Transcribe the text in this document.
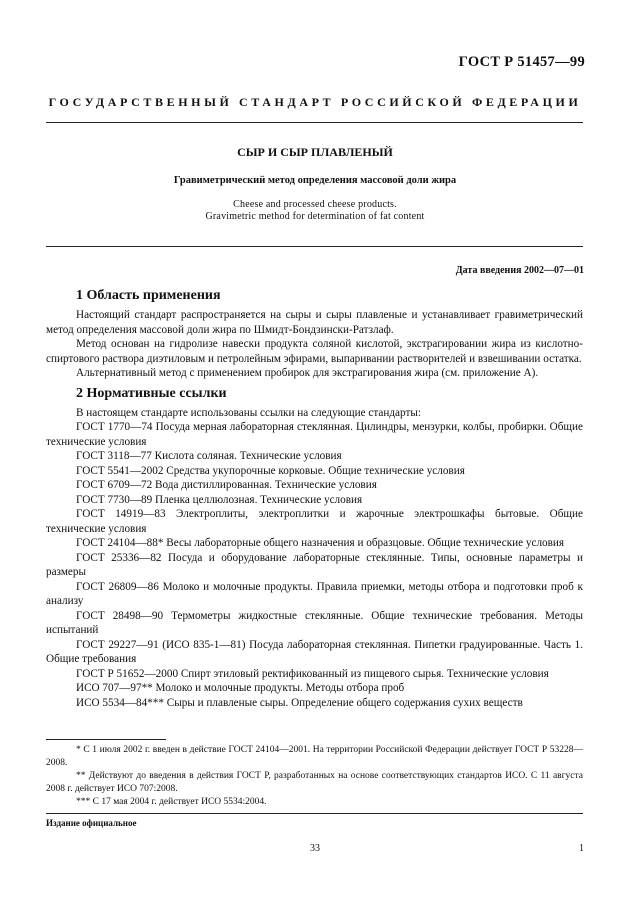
ГОСТ Р 51457—99
ГОСУДАРСТВЕННЫЙ СТАНДАРТ РОССИЙСКОЙ ФЕДЕРАЦИИ
СЫР И СЫР ПЛАВЛЕНЫЙ
Гравиметрический метод определения массовой доли жира
Cheese and processed cheese products.
Gravimetric method for determination of fat content
Дата введения 2002—07—01
1 Область применения

Настоящий стандарт распространяется на сыры и сыры плавленые и устанавливает гравиметрический метод определения массовой доли жира по Шмидт-Бондзински-Ратзлаф.

Метод основан на гидролизе навески продукта соляной кислотой, экстрагировании жира из кислотно-спиртового раствора диэтиловым и петролейным эфирами, выпаривании растворителей и взвешивании остатка.

Альтернативный метод с применением пробирок для экстрагирования жира (см. приложение А).

2 Нормативные ссылки

В настоящем стандарте использованы ссылки на следующие стандарты:

ГОСТ 1770—74 Посуда мерная лабораторная стеклянная. Цилиндры, мензурки, колбы, пробирки. Общие технические условия

ГОСТ 3118—77 Кислота соляная. Технические условия

ГОСТ 5541—2002 Средства укупорочные корковые. Общие технические условия

ГОСТ 6709—72 Вода дистиллированная. Технические условия

ГОСТ 7730—89 Пленка целлюлозная. Технические условия

ГОСТ 14919—83 Электроплиты, электроплитки и жарочные электрошкафы бытовые. Общие технические условия

ГОСТ 24104—88* Весы лабораторные общего назначения и образцовые. Общие технические условия

ГОСТ 25336—82 Посуда и оборудование лабораторные стеклянные. Типы, основные параметры и размеры

ГОСТ 26809—86 Молоко и молочные продукты. Правила приемки, методы отбора и подготовки проб к анализу

ГОСТ 28498—90 Термометры жидкостные стеклянные. Общие технические требования. Методы испытаний

ГОСТ 29227—91 (ИСО 835-1—81) Посуда лабораторная стеклянная. Пипетки градуированные. Часть 1. Общие требования

ГОСТ Р 51652—2000 Спирт этиловый ректификованный из пищевого сырья. Технические условия

ИСО 707—97** Молоко и молочные продукты. Методы отбора проб

ИСО 5534—84*** Сыры и плавленые сыры. Определение общего содержания сухих веществ

* С 1 июля 2002 г. введен в действие ГОСТ 24104—2001. На территории Российской Федерации действует ГОСТ Р 53228—2008.

** Действуют до введения в действия ГОСТ Р, разработанных на основе соответствующих стандартов ИСО. С 11 августа 2008 г. действует ИСО 707:2008.

*** С 17 мая 2004 г. действует ИСО 5534:2004.

Издание официальное
33	1
